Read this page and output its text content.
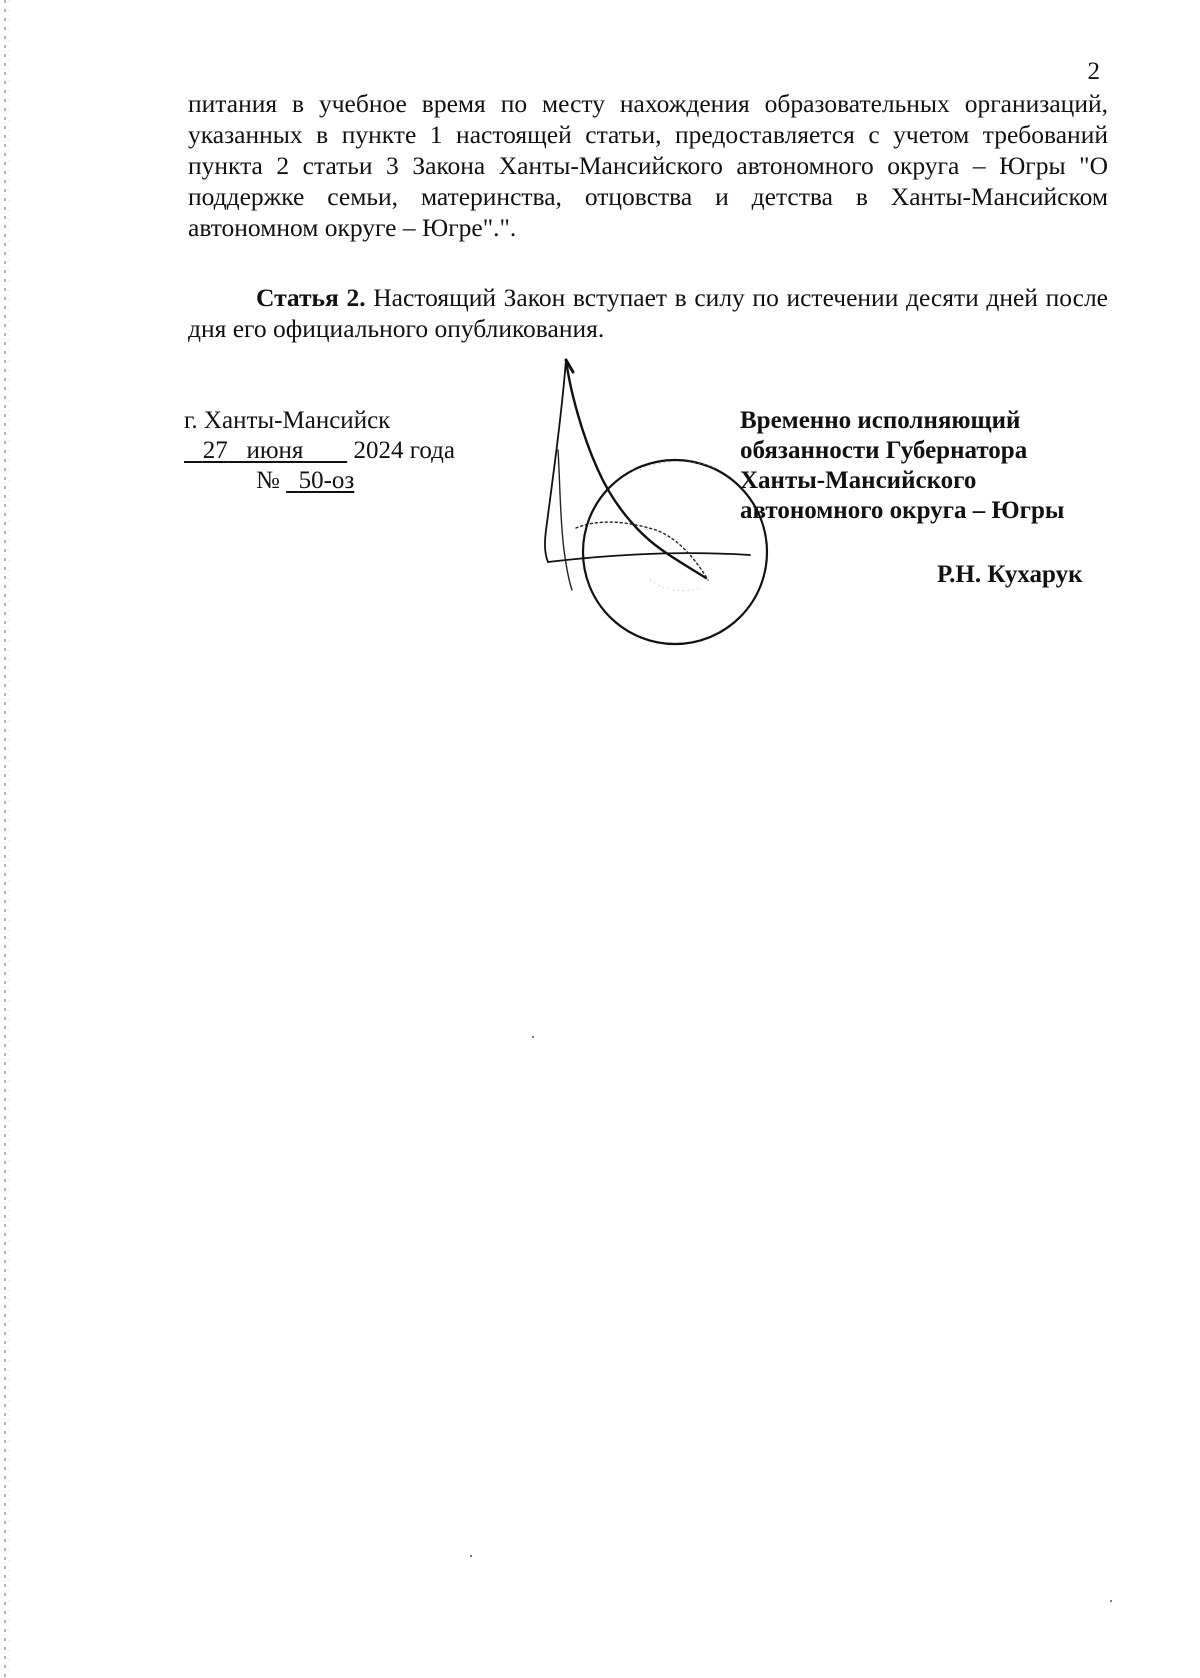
2

питания в учебное время по месту нахождения образовательных организаций, указанных в пункте 1 настоящей статьи, предоставляется с учетом требований пункта 2 статьи 3 Закона Ханты-Мансийского автономного округа – Югры "О поддержке семьи, материнства, отцовства и детства в Ханты-Мансийском автономном округе – Югре".".

Статья 2. Настоящий Закон вступает в силу по истечении десяти дней после дня его официального опубликования.

г. Ханты-Мансийск
27 июня 2024 года
№ 50-оз
Временно исполняющий
обязанности Губернатора
Ханты-Мансийского
автономного округа – Югры
Р.Н. Кухарук
